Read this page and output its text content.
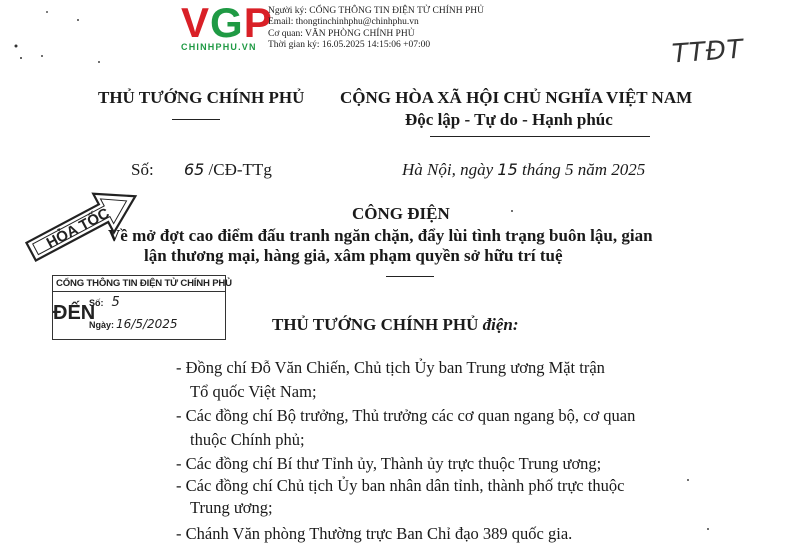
VGP
CHINHPHU.VN
Người ký: CỔNG THÔNG TIN ĐIỆN TỬ CHÍNH PHỦ
Email: thongtinchinhphu@chinhphu.vn
Cơ quan: VĂN PHÒNG CHÍNH PHỦ
Thời gian ký: 16.05.2025 14:15:06 +07:00	TTĐT
THỦ TƯỚNG CHÍNH PHỦ CỘNG HÒA XÃ HỘI CHỦ NGHĨA VIỆT NAM
Độc lập - Tự do - Hạnh phúc
Số: 65 /CĐ-TTg	Hà Nội, ngày 15 tháng 5 năm 2025
HỎA TỐC	CÔNG ĐIỆN
Về mở đợt cao điểm đấu tranh ngăn chặn, đẩy lùi tình trạng buôn lậu, gian
lận thương mại, hàng giả, xâm phạm quyền sở hữu trí tuệ
CỔNG THÔNG TIN ĐIỆN TỬ CHÍNH PHỦ
ĐẾN
Số: 5
Ngày: 16/5/2025	THỦ TƯỚNG CHÍNH PHỦ điện:
- Đồng chí Đỗ Văn Chiến, Chủ tịch Ủy ban Trung ương Mặt trận
Tổ quốc Việt Nam;
- Các đồng chí Bộ trưởng, Thủ trưởng các cơ quan ngang bộ, cơ quan
thuộc Chính phủ;
- Các đồng chí Bí thư Tỉnh ủy, Thành ủy trực thuộc Trung ương;
- Các đồng chí Chủ tịch Ủy ban nhân dân tỉnh, thành phố trực thuộc
Trung ương;
- Chánh Văn phòng Thường trực Ban Chỉ đạo 389 quốc gia.
